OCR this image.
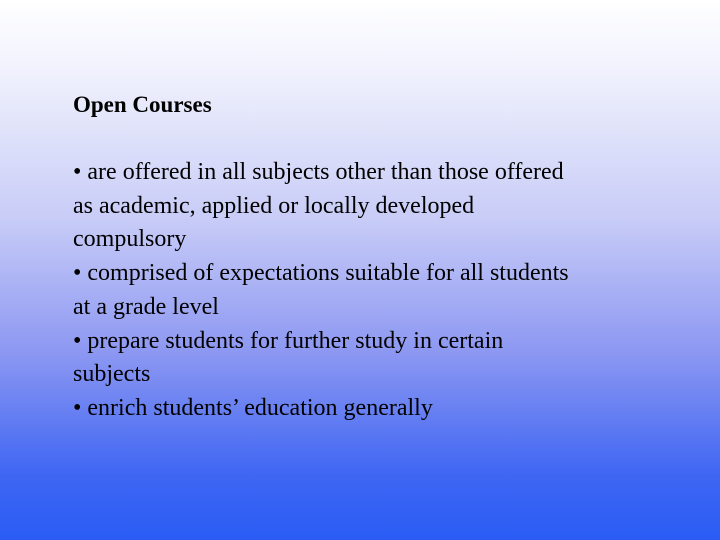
Open Courses
• are offered in all subjects other than those offered
as academic, applied or locally developed
compulsory
• comprised of expectations suitable for all students
at a grade level
• prepare students for further study in certain
subjects
• enrich students’ education generally
